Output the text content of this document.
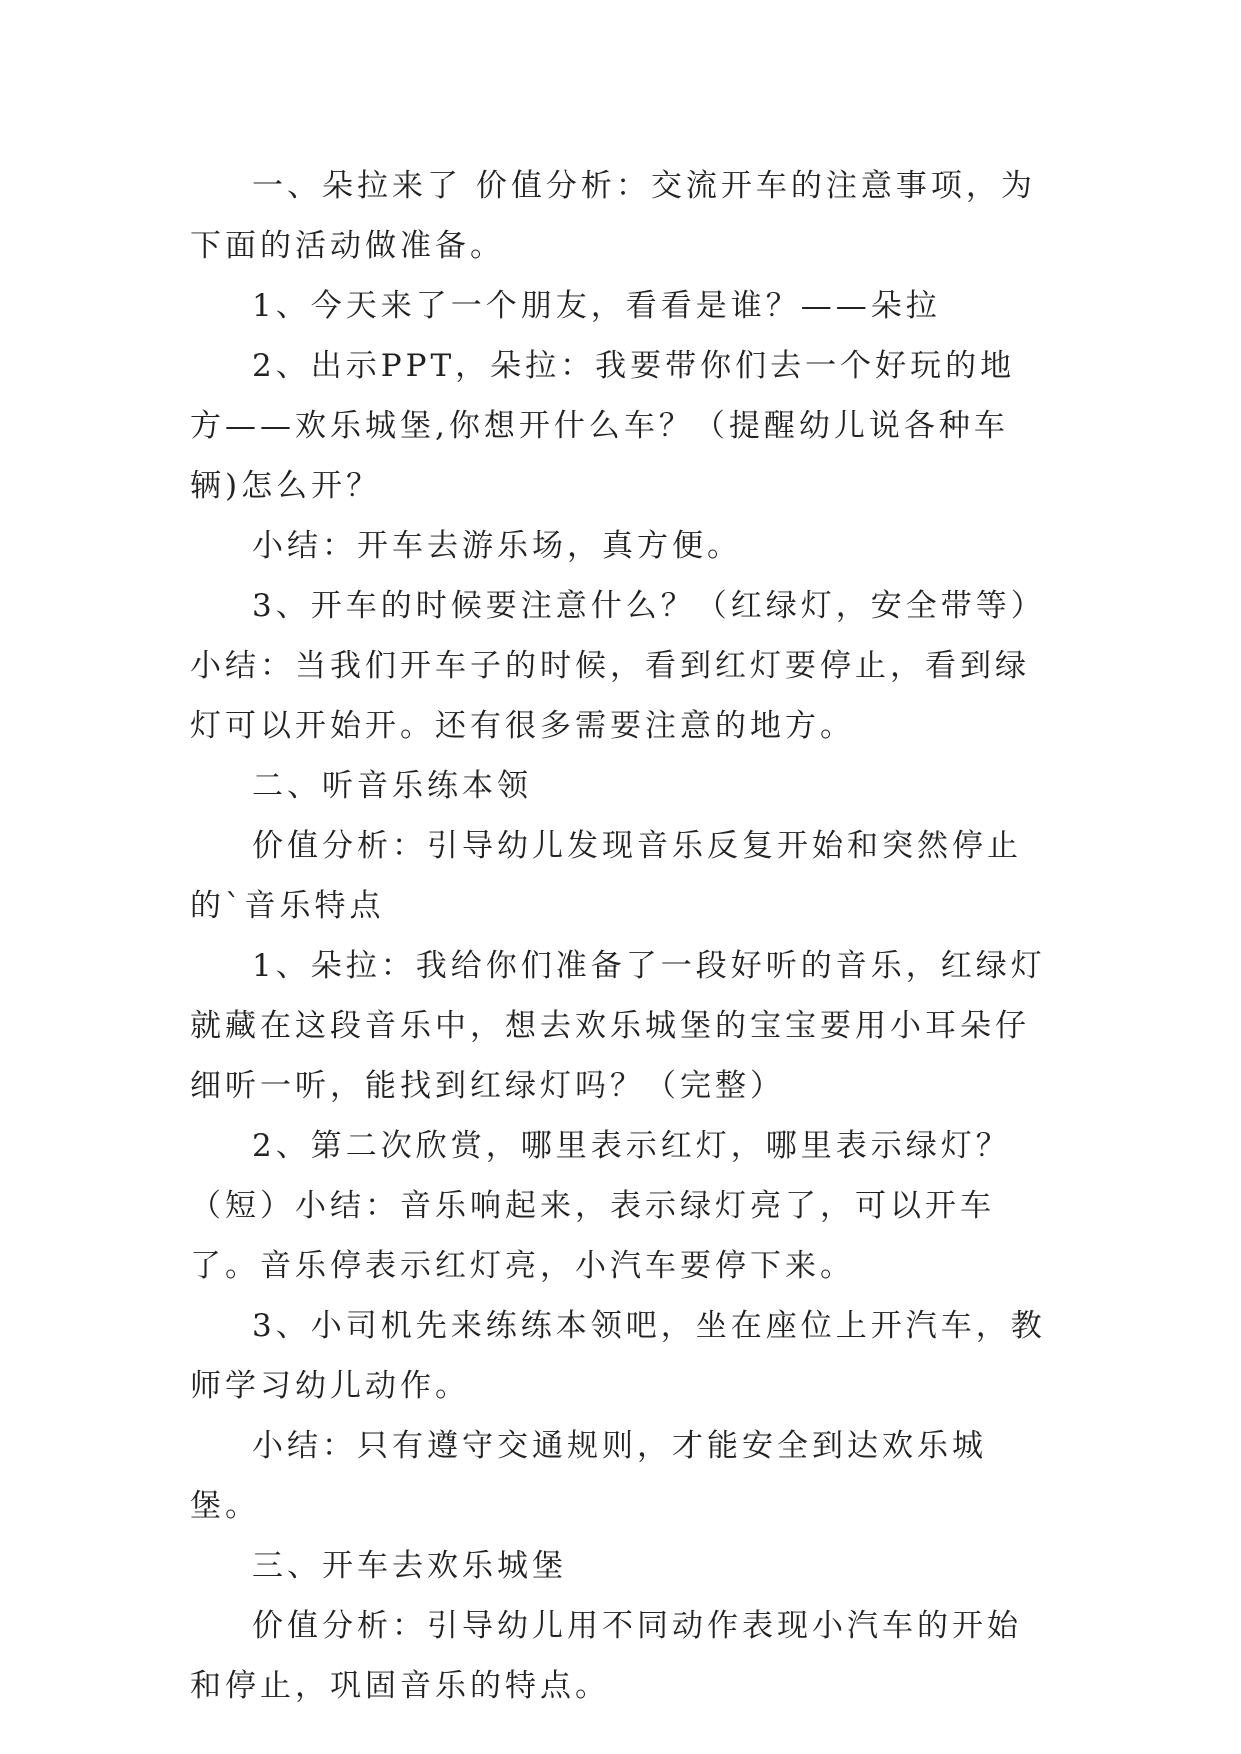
一、朵拉来了 价值分析：交流开车的注意事项，为下面的活动做准备。

1、今天来了一个朋友，看看是谁？——朵拉

2、出示PPT，朵拉：我要带你们去一个好玩的地方——欢乐城堡,你想开什么车？（提醒幼儿说各种车辆)怎么开？

小结：开车去游乐场，真方便。

3、开车的时候要注意什么？（红绿灯，安全带等）小结：当我们开车子的时候，看到红灯要停止，看到绿灯可以开始开。还有很多需要注意的地方。

二、听音乐练本领

价值分析：引导幼儿发现音乐反复开始和突然停止的`音乐特点

1、朵拉：我给你们准备了一段好听的音乐，红绿灯就藏在这段音乐中，想去欢乐城堡的宝宝要用小耳朵仔细听一听，能找到红绿灯吗？（完整）

2、第二次欣赏，哪里表示红灯，哪里表示绿灯？（短）小结：音乐响起来，表示绿灯亮了，可以开车了。音乐停表示红灯亮，小汽车要停下来。

3、小司机先来练练本领吧，坐在座位上开汽车，教师学习幼儿动作。

小结：只有遵守交通规则，才能安全到达欢乐城堡。

三、开车去欢乐城堡

价值分析：引导幼儿用不同动作表现小汽车的开始和停止，巩固音乐的特点。
